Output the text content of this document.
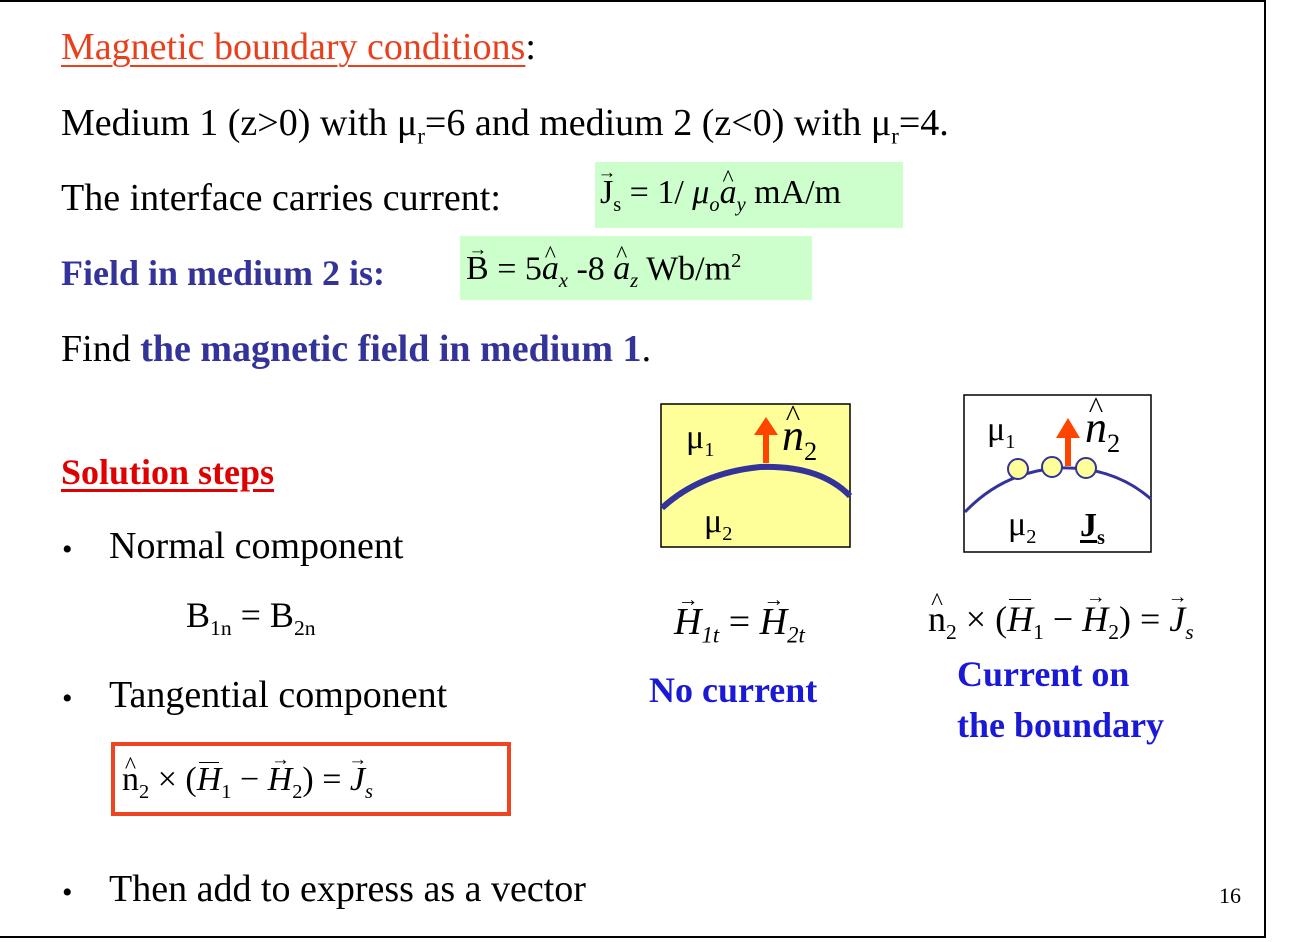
Magnetic boundary conditions:
Medium 1 (z>0) with $\mu_r=6$ and medium 2 (z<0) with $\mu_r=4$.
The interface carries current:	→ $J_s = 1/$ $\mu_o\^{}$ $a_y$ mA/m
Field in medium 2 is: → B = 5^ $a_x$ -8 ^ $a_z$ $Wb/m^2$
Find the magnetic field in medium 1.
Solution steps
• Normal component
$B_{1n} = B_{2n}$
• Tangential component
^ $n_2 \times (H_1$ − → $H_2$) = → $J_s$
• Then add to express as a vector	16
$\mu_1$ ^ $n_2$
$\mu_2$
→ $H_{1t}$ = → $H_{2t}$
No current
$\mu_1$ ^ $n_2$
$\mu_2$ $J_s$
^ $n_2 \times (H_1$ − → $H_2$) = → $J_s$
Current on
the boundary
